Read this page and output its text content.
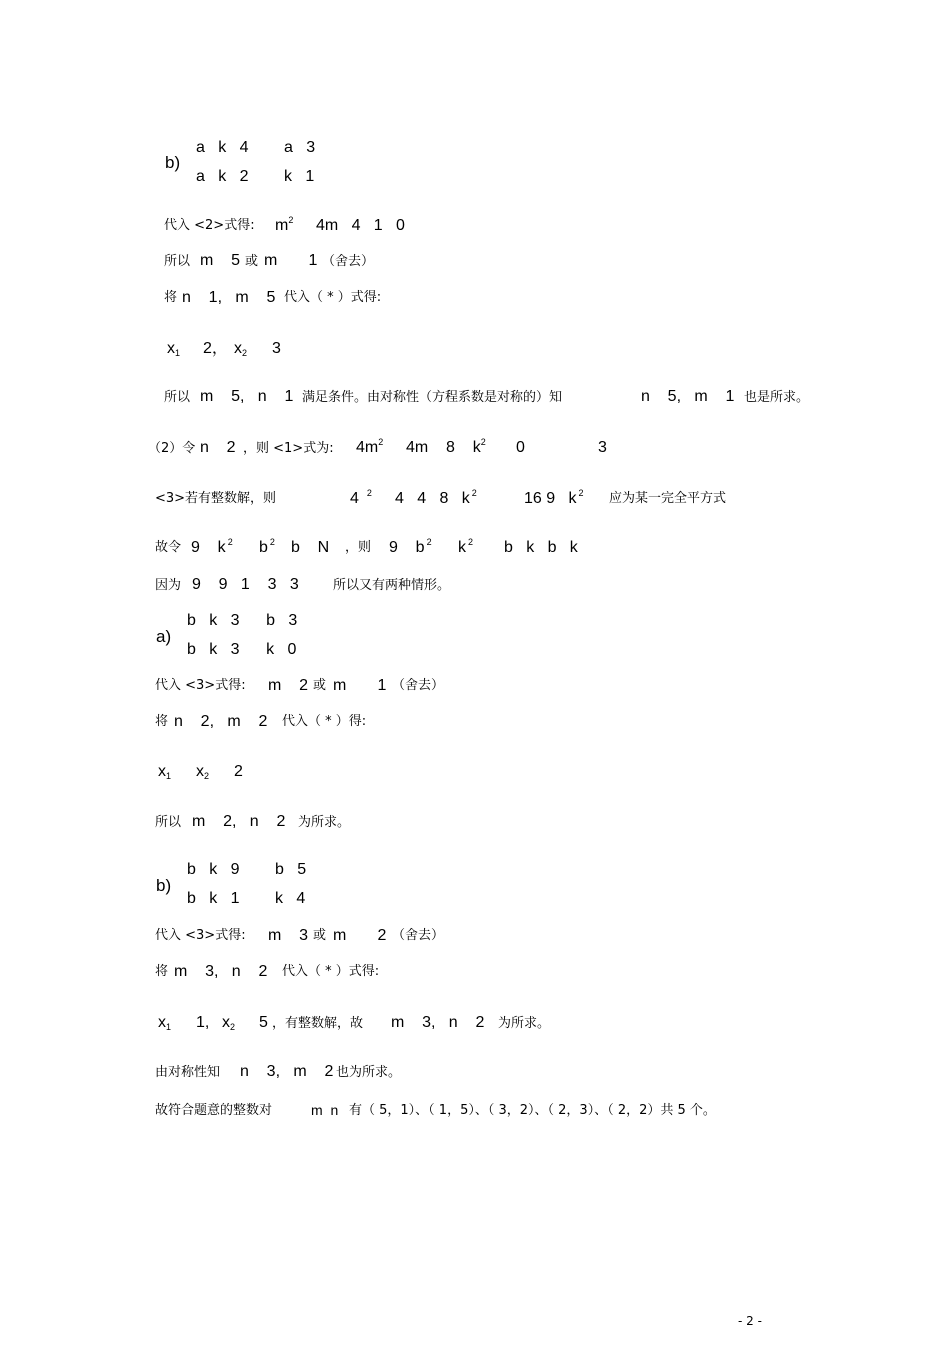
b)
a   k   4        a   3
a   k   2        k   1
代入 <2>式得: $m^2$ 4m   4   1   0
所以 m    5 或 m       1 （舍去）
将 n    1,   m    5 代入（ * ）式得:
x1 2， x2 3
所以 m    5,   n    1 满足条件。由对称性（方程系数是对称的）知	n    5,   m    1 也是所求。
（2）令 n    2 ，则 <1>式为: $4m^2$ 4m    8    $k^2$ 0	3
<3>若有整数解，则	4 $^2$ 4   4   8   k $^2$	16 9   k $^2$ 应为某一完全平方式
故令 9    k $^2$ b $^2$ b    N ，则 9    b $^2$ k $^2$ b   k   b   k
因为 9    9   1    3   3	所以又有两种情形。
a)
b   k   3      b   3
b   k   3      k   0
代入 <3>式得: m    2 或 m       1 （舍去）
将 n    2,   m    2 代入（ * ）得:
x1 x2 2
所以 m    2,   n    2 为所求。
b)
b   k   9        b   5
b   k   1        k   4
代入 <3>式得: m    3 或 m       2 （舍去）
将 m    3,   n    2 代入（ * ）式得:
x1 1, x2 5 ，有整数解，故 m    3,   n    2 为所求。
由对称性知 n    3,   m    2 也为所求。
故符合题意的整数对	m  n 有（ 5，1）、（ 1，5）、（ 3，2）、（ 2，3）、（ 2，2）共 5 个。
- 2 -
